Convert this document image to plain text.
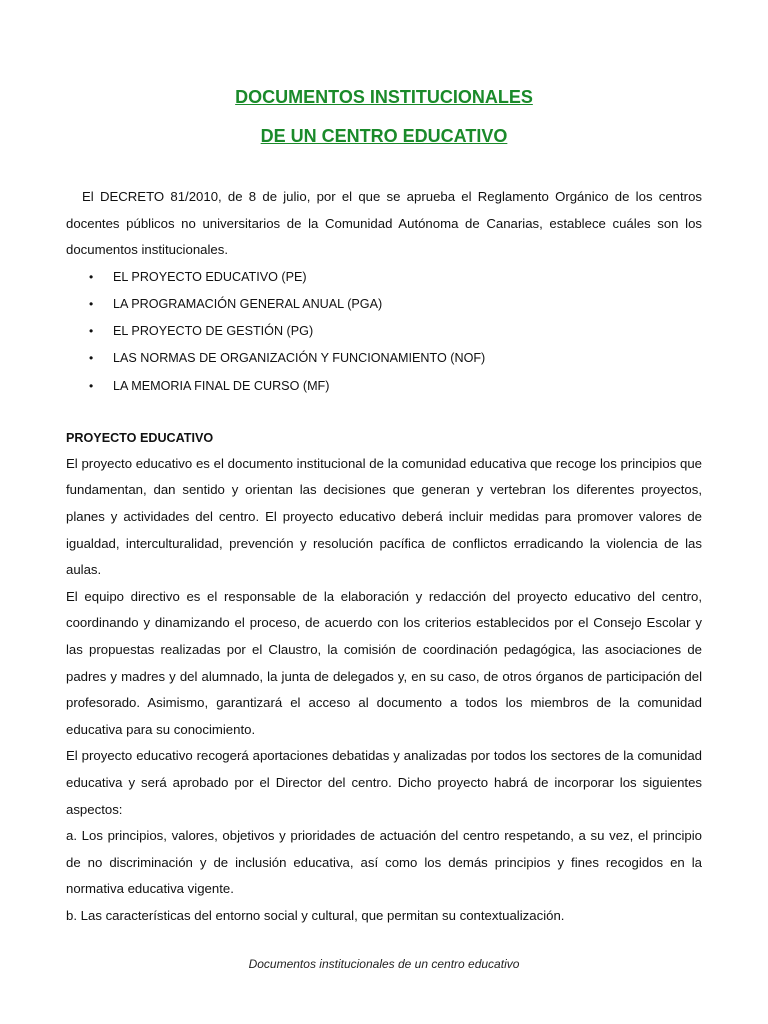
DOCUMENTOS INSTITUCIONALES
DE UN CENTRO EDUCATIVO

El DECRETO 81/2010, de 8 de julio, por el que se aprueba el Reglamento Orgánico de los centros docentes públicos no universitarios de la Comunidad Autónoma de Canarias, establece cuáles son los documentos institucionales.

• EL PROYECTO EDUCATIVO (PE)
• LA PROGRAMACIÓN GENERAL ANUAL (PGA)
• EL PROYECTO DE GESTIÓN (PG)
• LAS NORMAS DE ORGANIZACIÓN Y FUNCIONAMIENTO (NOF)
• LA MEMORIA FINAL DE CURSO (MF)
PROYECTO EDUCATIVO

El proyecto educativo es el documento institucional de la comunidad educativa que recoge los principios que fundamentan, dan sentido y orientan las decisiones que generan y vertebran los diferentes proyectos, planes y actividades del centro. El proyecto educativo deberá incluir medidas para promover valores de igualdad, interculturalidad, prevención y resolución pacífica de conflictos erradicando la violencia de las aulas.

El equipo directivo es el responsable de la elaboración y redacción del proyecto educativo del centro, coordinando y dinamizando el proceso, de acuerdo con los criterios establecidos por el Consejo Escolar y las propuestas realizadas por el Claustro, la comisión de coordinación pedagógica, las asociaciones de padres y madres y del alumnado, la junta de delegados y, en su caso, de otros órganos de participación del profesorado. Asimismo, garantizará el acceso al documento a todos los miembros de la comunidad educativa para su conocimiento.

El proyecto educativo recogerá aportaciones debatidas y analizadas por todos los sectores de la comunidad educativa y será aprobado por el Director del centro. Dicho proyecto habrá de incorporar los siguientes aspectos:

a. Los principios, valores, objetivos y prioridades de actuación del centro respetando, a su vez, el principio de no discriminación y de inclusión educativa, así como los demás principios y fines recogidos en la normativa educativa vigente.

b. Las características del entorno social y cultural, que permitan su contextualización.

Documentos institucionales de un centro educativo
